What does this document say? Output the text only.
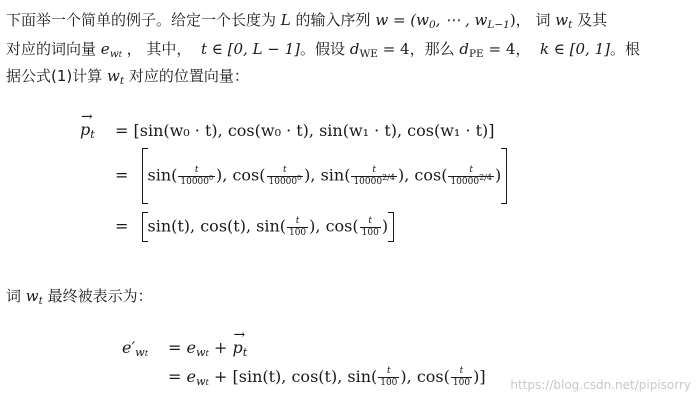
下面举一个简单的例子。给定一个长度为 L 的输入序列 $w = (w_0$, ⋯ , $w_{L-1}$)， 词 $w_t$ 及其
对应的词向量 $e_{wt}$ ， 其中， t ∈ [0, L − 1]。假设 $d_{WE} = 4$，那么 $d_{PE} = 4$， k ∈ [0, 1]。根
据公式(1)计算 $w_t$ 对应的位置向量：
→ $p_t = [\sin(w_0 \cdot t)$, cos(w₀ · t), sin(w₁ · t), cos(w₁ · t)]
= $\sin( \frac{t}{10000^0}$ ), $\cos( \frac{t}{10000^0}$ ), $\sin( \frac{t}{10000^{2/4}}$ ), $\cos( \frac{t}{10000^{2/4}}$ )
= sin(t), cos(t), $\sin( \frac{t}{100}$ ), $\cos( \frac{t}{100}$ )
词 $w_t$ 最终被表示为：
$e'_{wt} = e_{wt}$ + → $p_t$
= $e_{wt} + [\sin(t)$, cos(t), $\sin( \frac{t}{100}$ ), $\cos( \frac{t}{100}$ )] https://blog.csdn.net/pipisorry
